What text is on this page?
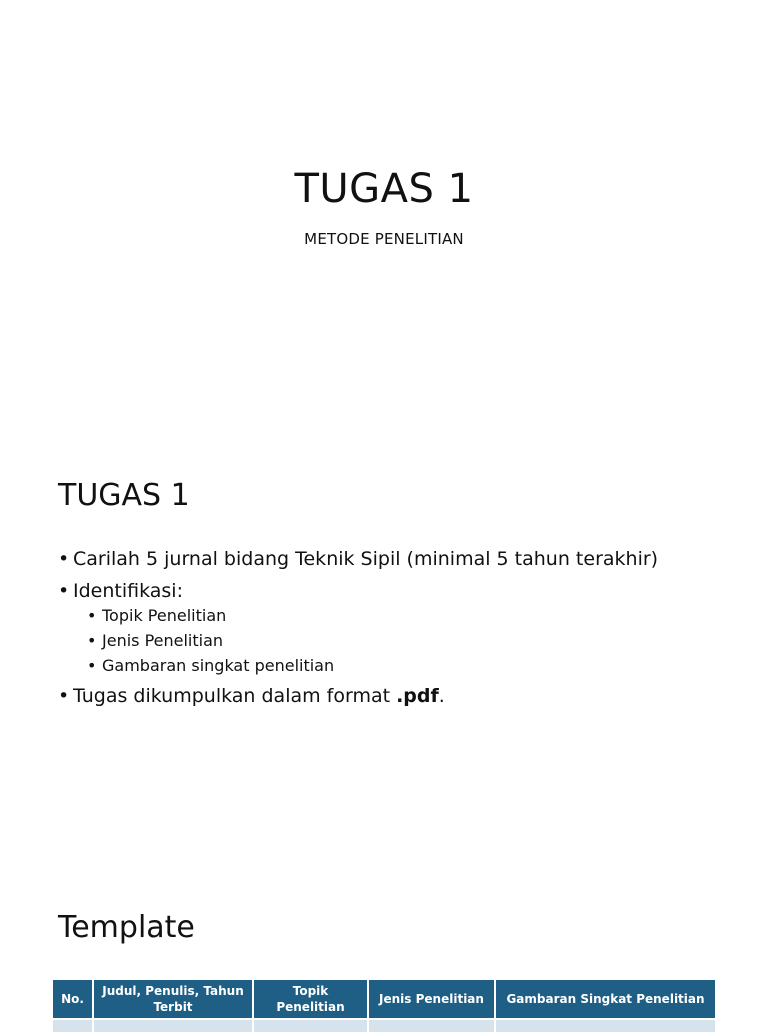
TUGAS 1

METODE PENELITIAN

TUGAS 1
• Carilah 5 jurnal bidang Teknik Sipil (minimal 5 tahun terakhir)
• Identifikasi:
• Topik Penelitian
• Jenis Penelitian
• Gambaran singkat penelitian
• Tugas dikumpulkan dalam format .pdf.
Template
No.	Judul, Penulis, Tahun Terbit	Topik Penelitian	Jenis Penelitian	Gambaran Singkat Penelitian
